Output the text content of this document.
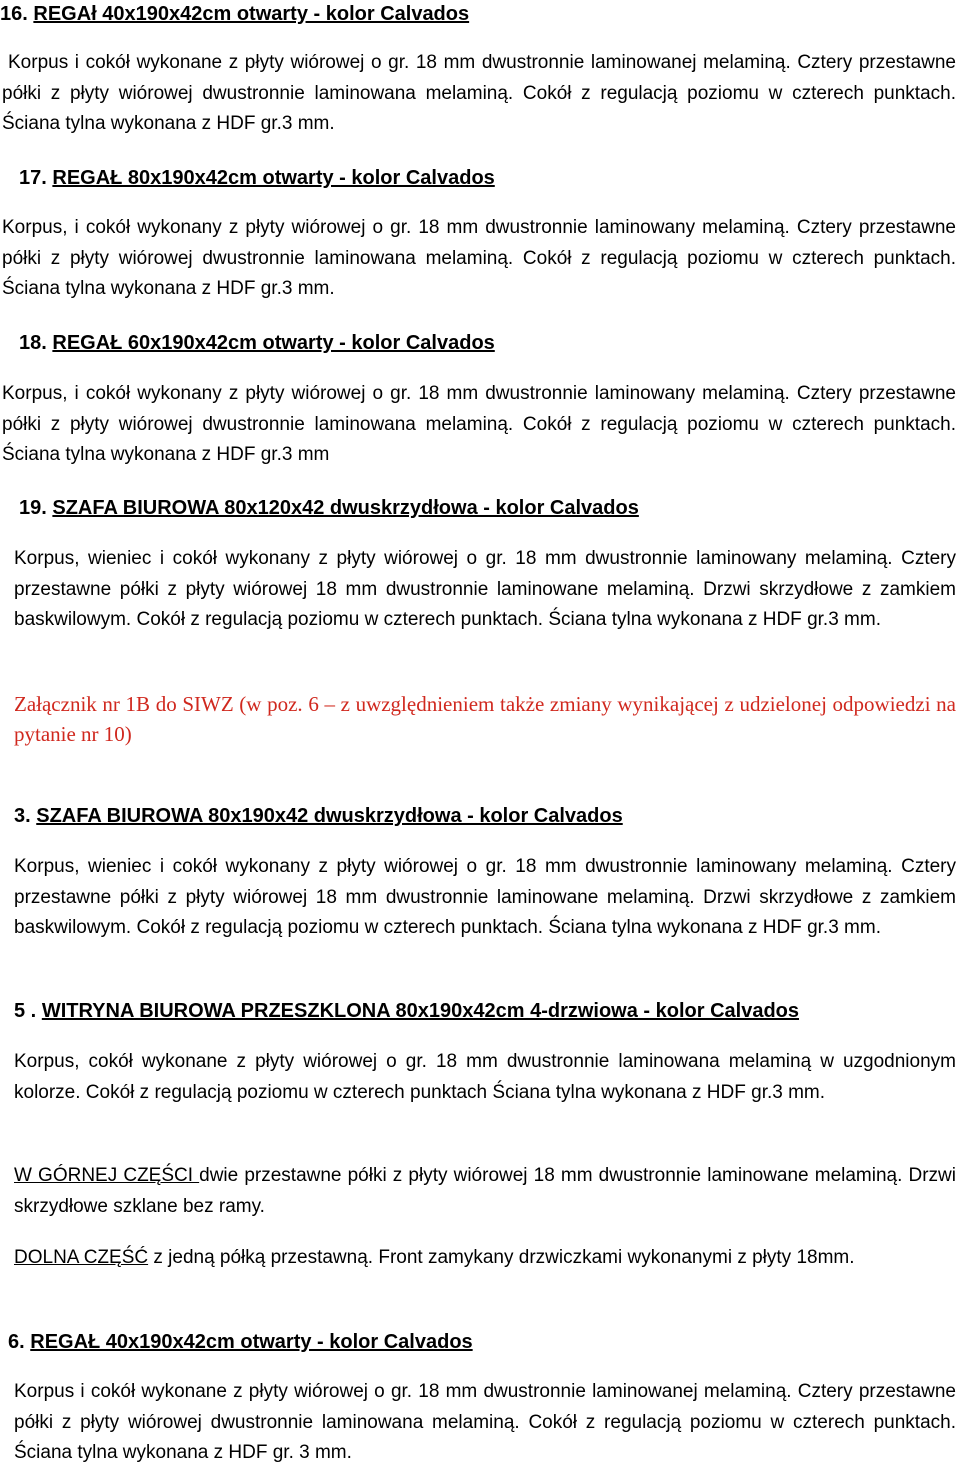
16. REGAł 40x190x42cm otwarty - kolor Calvados
Korpus i cokół wykonane z płyty wiórowej o gr. 18 mm dwustronnie laminowanej melaminą. Cztery przestawne półki z płyty wiórowej dwustronnie laminowana melaminą. Cokół z regulacją poziomu w czterech punktach. Ściana tylna wykonana z HDF gr.3 mm.
17. REGAŁ 80x190x42cm otwarty - kolor Calvados
Korpus, i cokół wykonany z płyty wiórowej o gr. 18 mm dwustronnie laminowany melaminą. Cztery przestawne półki z płyty wiórowej dwustronnie laminowana melaminą. Cokół z regulacją poziomu w czterech punktach. Ściana tylna wykonana z HDF gr.3 mm.
18. REGAŁ 60x190x42cm otwarty - kolor Calvados
Korpus, i cokół wykonany z płyty wiórowej o gr. 18 mm dwustronnie laminowany melaminą. Cztery przestawne półki z płyty wiórowej dwustronnie laminowana melaminą. Cokół z regulacją poziomu w czterech punktach. Ściana tylna wykonana z HDF gr.3 mm
19. SZAFA BIUROWA 80x120x42 dwuskrzydłowa - kolor Calvados
Korpus, wieniec i cokół wykonany z płyty wiórowej o gr. 18 mm dwustronnie laminowany melaminą. Cztery przestawne półki z płyty wiórowej 18 mm dwustronnie laminowane melaminą. Drzwi skrzydłowe z zamkiem baskwilowym. Cokół z regulacją poziomu w czterech punktach. Ściana tylna wykonana z HDF gr.3 mm.
Załącznik nr 1B do SIWZ (w poz. 6 – z uwzględnieniem także zmiany wynikającej z udzielonej odpowiedzi na pytanie nr 10)
3. SZAFA BIUROWA 80x190x42 dwuskrzydłowa - kolor Calvados
Korpus, wieniec i cokół wykonany z płyty wiórowej o gr. 18 mm dwustronnie laminowany melaminą. Cztery przestawne półki z płyty wiórowej 18 mm dwustronnie laminowane melaminą. Drzwi skrzydłowe z zamkiem baskwilowym. Cokół z regulacją poziomu w czterech punktach. Ściana tylna wykonana z HDF gr.3 mm.
5 . WITRYNA BIUROWA PRZESZKLONA 80x190x42cm 4-drzwiowa - kolor Calvados
Korpus, cokół wykonane z płyty wiórowej o gr. 18 mm dwustronnie laminowana melaminą w uzgodnionym kolorze. Cokół z regulacją poziomu w czterech punktach Ściana tylna wykonana z HDF gr.3 mm.
W GÓRNEJ CZĘŚCI dwie przestawne półki z płyty wiórowej 18 mm dwustronnie laminowane melaminą. Drzwi skrzydłowe szklane bez ramy.
DOLNA CZĘŚĆ z jedną półką przestawną. Front zamykany drzwiczkami wykonanymi z płyty 18mm.
6. REGAŁ 40x190x42cm otwarty - kolor Calvados
Korpus i cokół wykonane z płyty wiórowej o gr. 18 mm dwustronnie laminowanej melaminą. Cztery przestawne półki z płyty wiórowej dwustronnie laminowana melaminą. Cokół z regulacją poziomu w czterech punktach. Ściana tylna wykonana z HDF gr. 3 mm.
